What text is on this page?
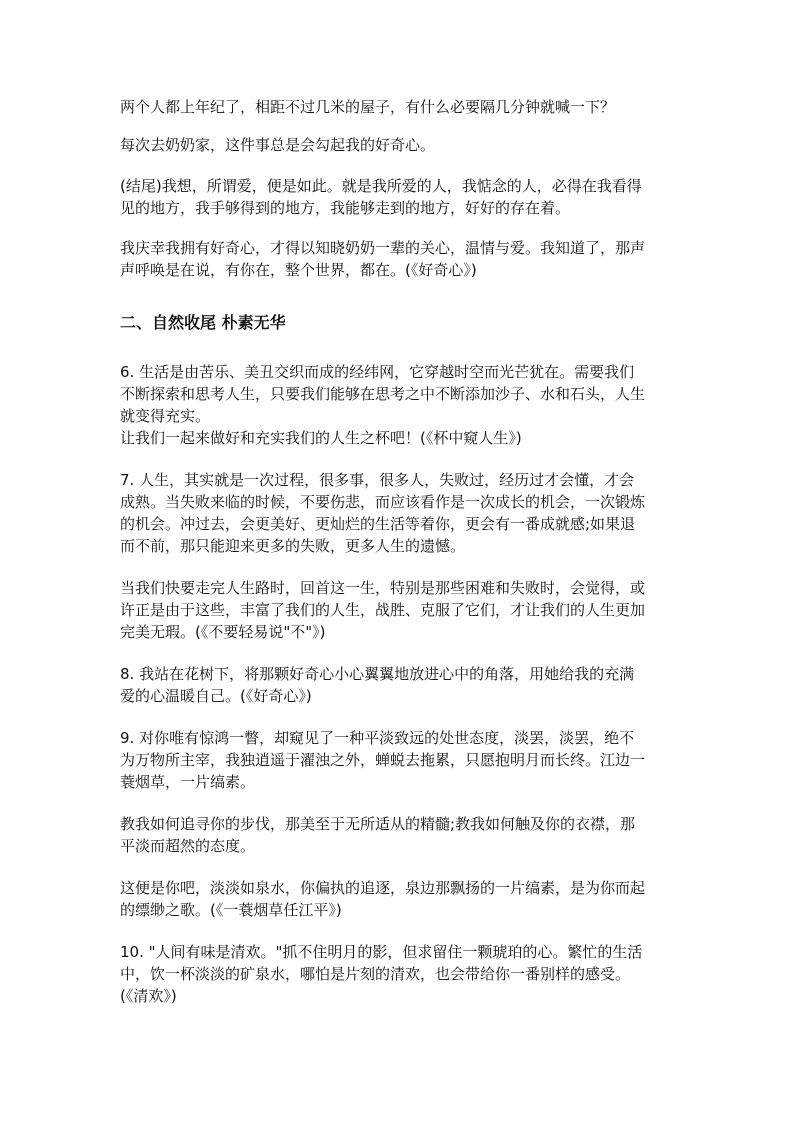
两个人都上年纪了，相距不过几米的屋子，有什么必要隔几分钟就喊一下？

每次去奶奶家，这件事总是会勾起我的好奇心。

(结尾)我想，所谓爱，便是如此。就是我所爱的人，我惦念的人，必得在我看得
见的地方，我手够得到的地方，我能够走到的地方，好好的存在着。

我庆幸我拥有好奇心，才得以知晓奶奶一辈的关心，温情与爱。我知道了，那声
声呼唤是在说，有你在，整个世界，都在。(《好奇心》)

二、自然收尾 朴素无华

6. 生活是由苦乐、美丑交织而成的经纬网，它穿越时空而光芒犹在。需要我们
不断探索和思考人生，只要我们能够在思考之中不断添加沙子、水和石头，人生
就变得充实。
让我们一起来做好和充实我们的人生之杯吧！(《杯中窥人生》)

7. 人生，其实就是一次过程，很多事，很多人，失败过，经历过才会懂，才会
成熟。当失败来临的时候，不要伤悲，而应该看作是一次成长的机会，一次锻炼
的机会。冲过去，会更美好、更灿烂的生活等着你，更会有一番成就感;如果退
而不前，那只能迎来更多的失败，更多人生的遗憾。

当我们快要走完人生路时，回首这一生，特别是那些困难和失败时，会觉得，或
许正是由于这些，丰富了我们的人生，战胜、克服了它们，才让我们的人生更加
完美无瑕。(《不要轻易说"不"》)

8. 我站在花树下，将那颗好奇心小心翼翼地放进心中的角落，用她给我的充满
爱的心温暖自己。(《好奇心》)

9. 对你唯有惊鸿一瞥，却窥见了一种平淡致远的处世态度，淡罢，淡罢，绝不
为万物所主宰，我独逍遥于濯浊之外，蝉蜕去拖累，只愿抱明月而长终。江边一
蓑烟草，一片缟素。

教我如何追寻你的步伐，那美至于无所适从的精髓;教我如何触及你的衣襟，那
平淡而超然的态度。

这便是你吧，淡淡如泉水，你偏执的追逐，泉边那飘扬的一片缟素，是为你而起
的缥缈之歌。(《一蓑烟草任江平》)

10. "人间有味是清欢。"抓不住明月的影，但求留住一颗琥珀的心。繁忙的生活
中，饮一杯淡淡的矿泉水，哪怕是片刻的清欢，也会带给你一番别样的感受。
(《清欢》)
